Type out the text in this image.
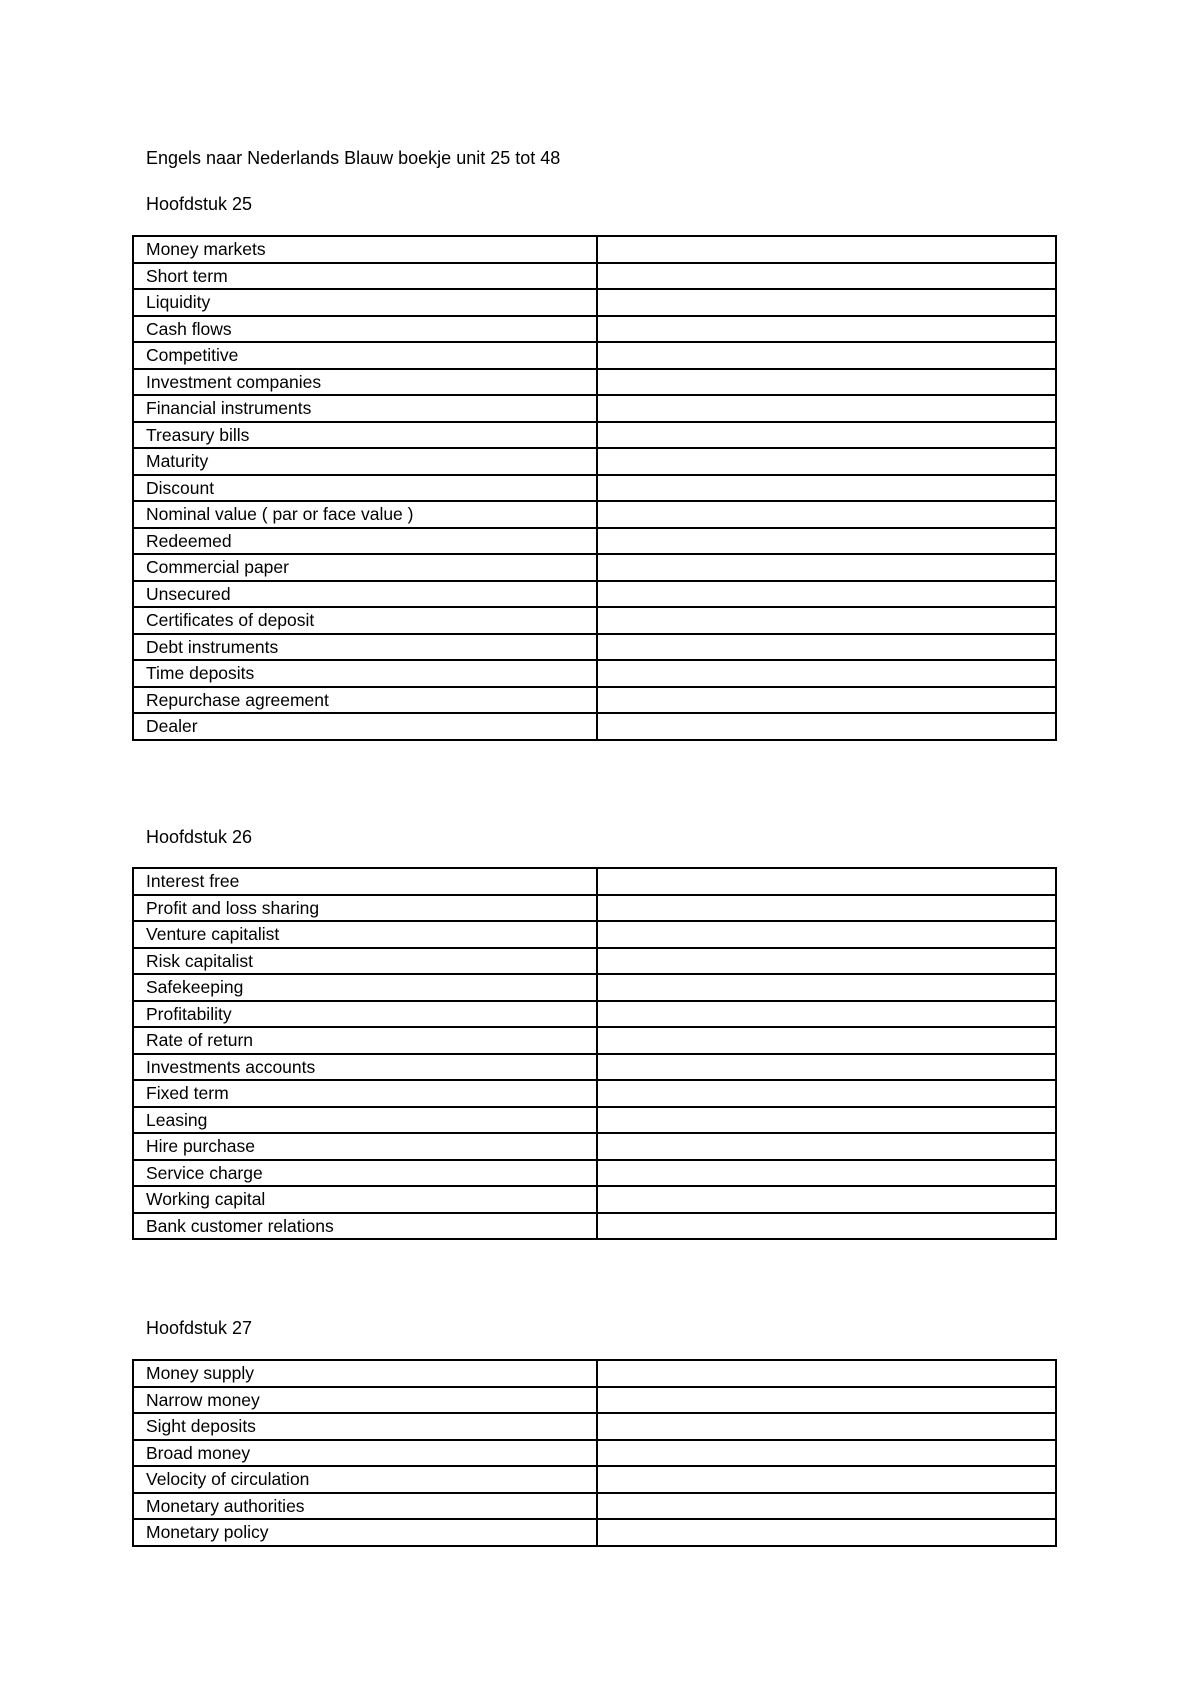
Engels naar Nederlands Blauw boekje unit 25 tot 48
Hoofdstuk 25
Money markets	
Short term	
Liquidity	
Cash flows	
Competitive	
Investment companies	
Financial instruments	
Treasury bills	
Maturity	
Discount	
Nominal value ( par or face value )	
Redeemed	
Commercial paper	
Unsecured	
Certificates of deposit	
Debt instruments	
Time deposits	
Repurchase agreement	
Dealer	
Hoofdstuk 26
Interest free	
Profit and loss sharing	
Venture capitalist	
Risk capitalist	
Safekeeping	
Profitability	
Rate of return	
Investments accounts	
Fixed term	
Leasing	
Hire purchase	
Service charge	
Working capital	
Bank customer relations	
Hoofdstuk 27
Money supply	
Narrow money	
Sight deposits	
Broad money	
Velocity of circulation	
Monetary authorities	
Monetary policy	
